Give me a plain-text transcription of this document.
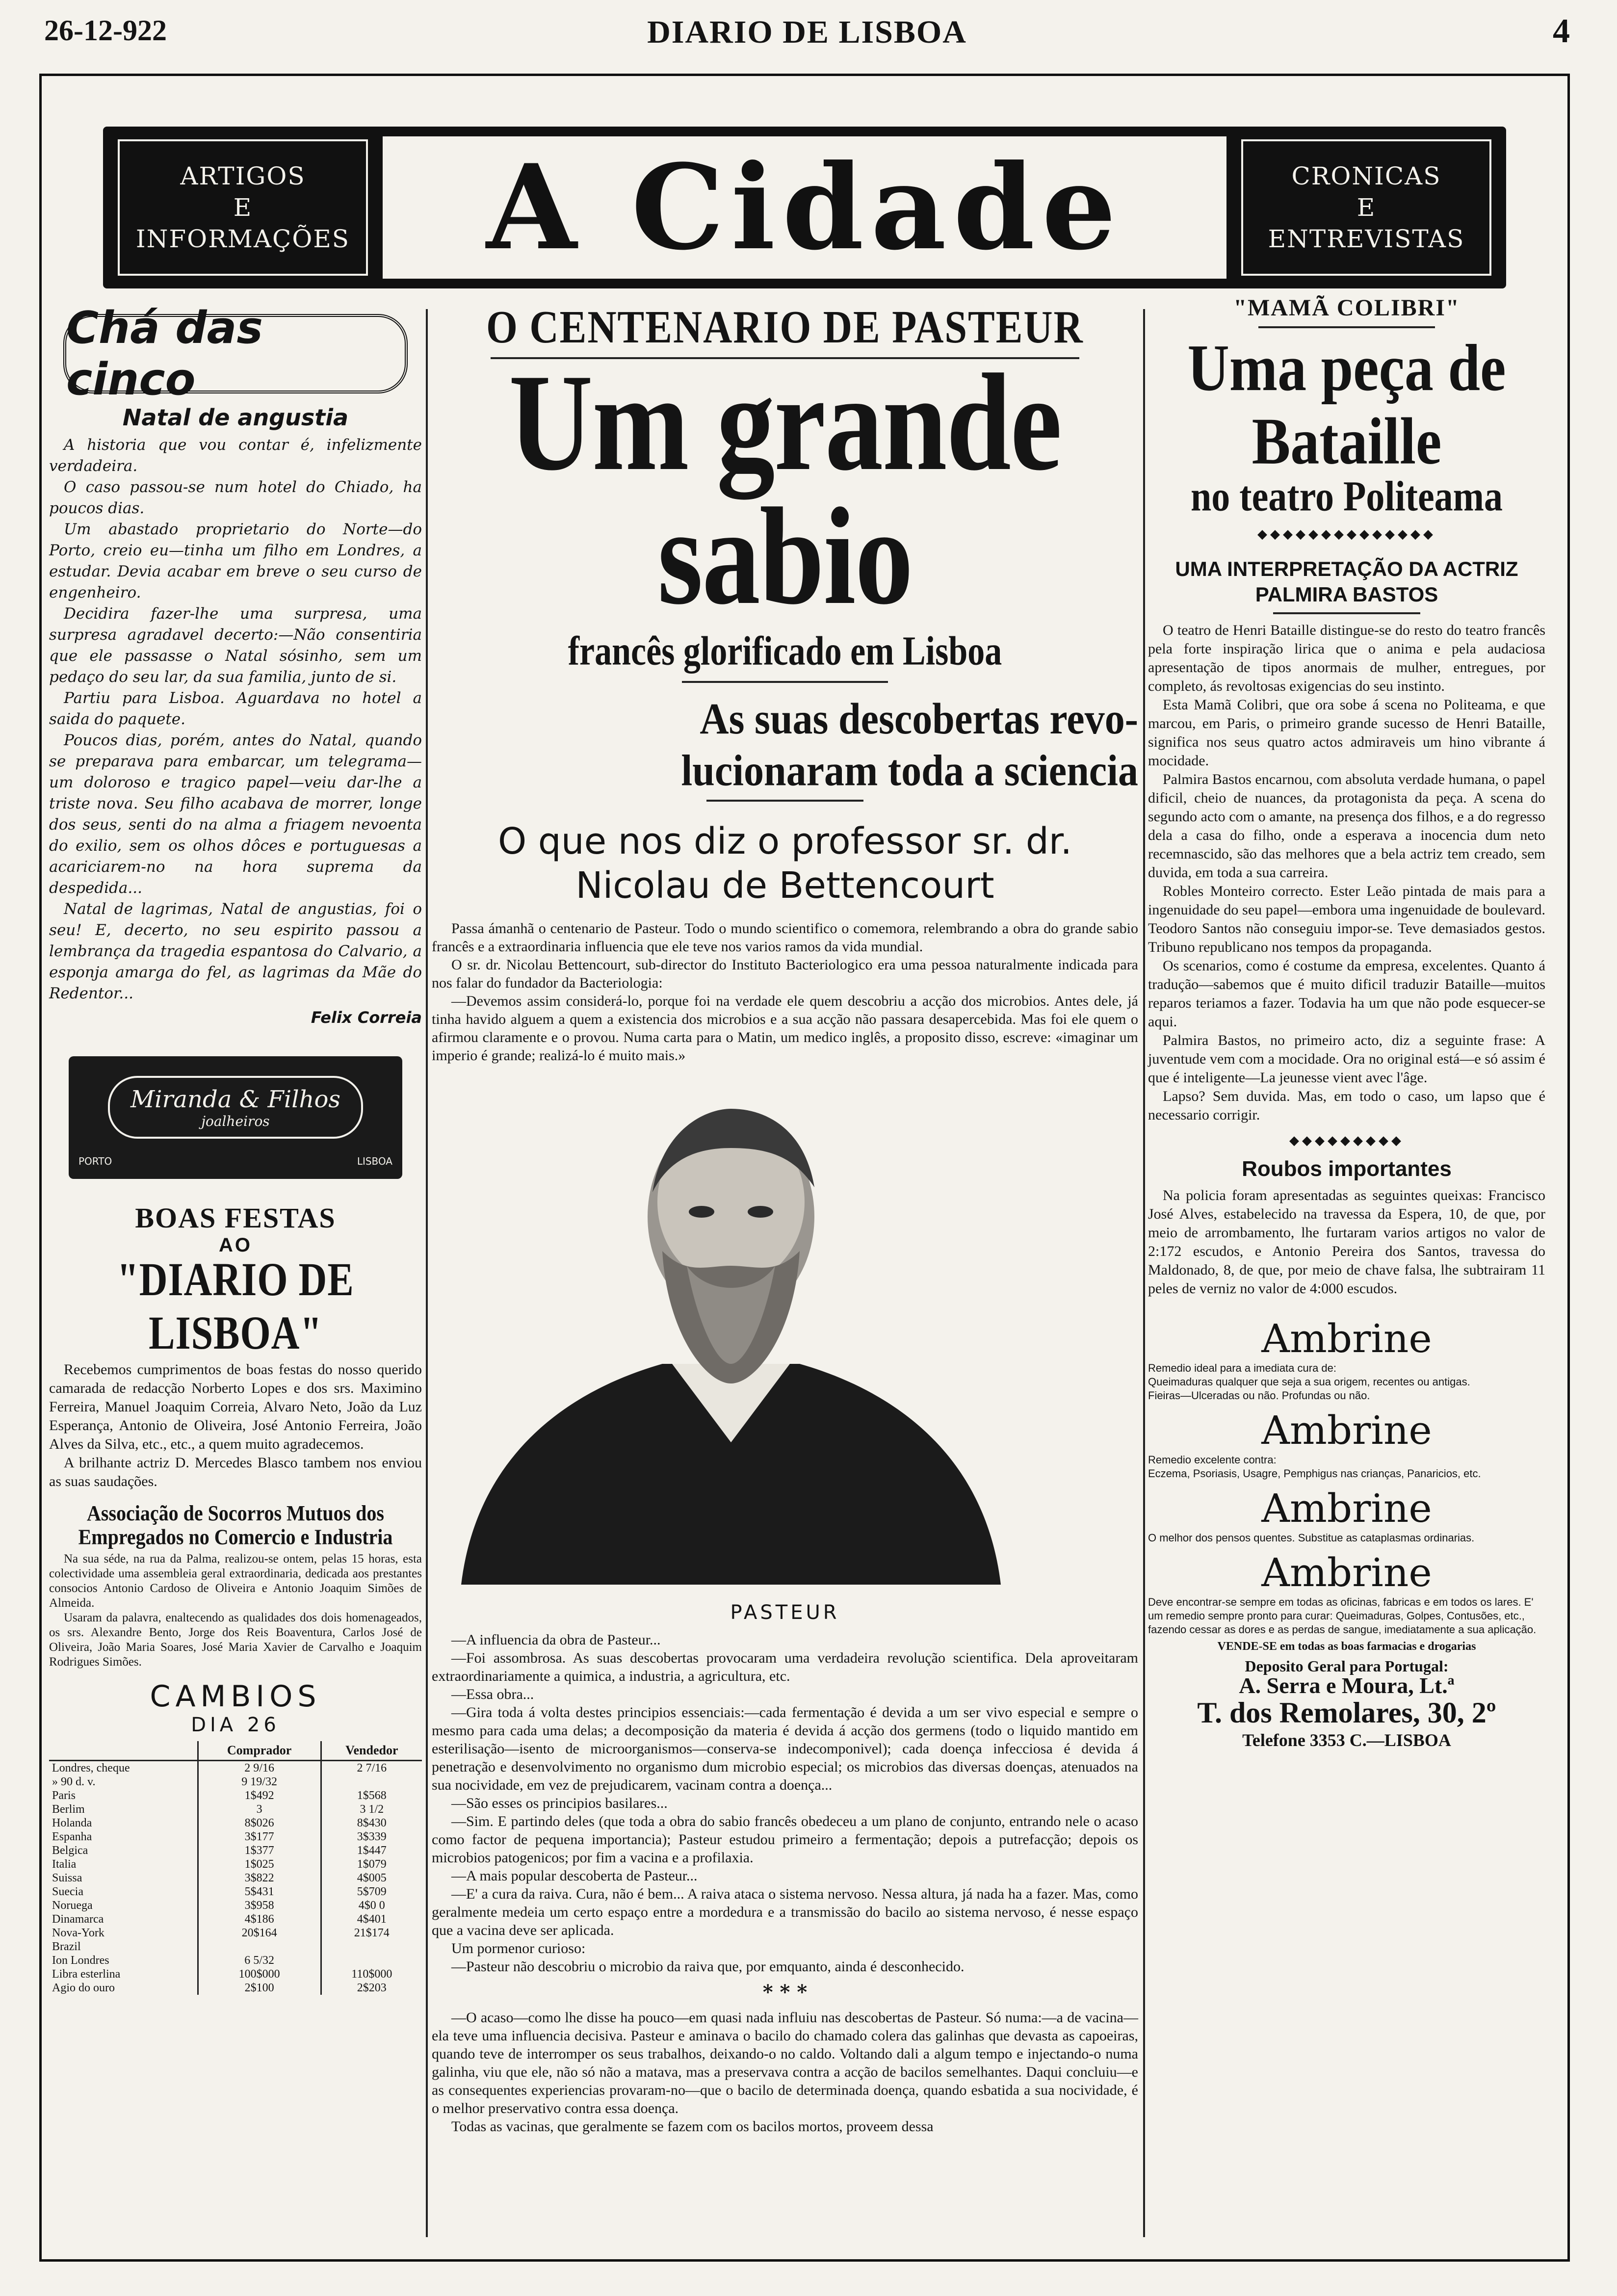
26-12-922	DIARIO DE LISBOA	4
ARTIGOS
E
INFORMAÇÕES A Cidade	CRONICAS
E
ENTREVISTAS
Chá das cinco
Natal de angustia

A historia que vou contar é, infelizmente verdadeira.

O caso passou-se num hotel do Chiado, ha poucos dias.

Um abastado proprietario do Norte—do Porto, creio eu—tinha um filho em Londres, a estudar. Devia acabar em breve o seu curso de engenheiro.

Decidira fazer-lhe uma surpresa, uma surpresa agradavel decerto:—Não consentiria que ele passasse o Natal sósinho, sem um pedaço do seu lar, da sua familia, junto de si.

Partiu para Lisboa. Aguardava no hotel a saida do paquete.

Poucos dias, porém, antes do Natal, quando se preparava para embarcar, um telegrama—um doloroso e tragico papel—veiu dar-lhe a triste nova. Seu filho acabava de morrer, longe dos seus, senti do na alma a friagem nevoenta do exilio, sem os olhos dôces e portuguesas a acariciarem-no na hora suprema da despedida...

Natal de lagrimas, Natal de angustias, foi o seu! E, decerto, no seu espirito passou a lembrança da tragedia espantosa do Calvario, a esponja amarga do fel, as lagrimas da Mãe do Redentor...

Felix Correia
Miranda & Filhos
joalheiros
PORTO	LISBOA
BOAS FESTAS
AO
"DIARIO DE LISBOA"

Recebemos cumprimentos de boas festas do nosso querido camarada de redacção Norberto Lopes e dos srs. Maximino Ferreira, Manuel Joaquim Correia, Alvaro Neto, João da Luz Esperança, Antonio de Oliveira, José Antonio Ferreira, João Alves da Silva, etc., etc., a quem muito agradecemos.

A brilhante actriz D. Mercedes Blasco tambem nos enviou as suas saudações.

Associação de Socorros Mutuos dos Empregados no Comercio e Industria

Na sua séde, na rua da Palma, realizou-se ontem, pelas 15 horas, esta colectividade uma assembleia geral extraordinaria, dedicada aos prestantes consocios Antonio Cardoso de Oliveira e Antonio Joaquim Simões de Almeida.

Usaram da palavra, enaltecendo as qualidades dos dois homenageados, os srs. Alexandre Bento, Jorge dos Reis Boaventura, Carlos José de Oliveira, João Maria Soares, José Maria Xavier de Carvalho e Joaquim Rodrigues Simões.

CAMBIOS
DIA 26
	Comprador	Vendedor
Londres, cheque	2 9/16	2 7/16
» 90 d. v.	9 19/32	
Paris	1$492	1$568
Berlim	3	3 1/2
Holanda	8$026	8$430
Espanha	3$177	3$339
Belgica	1$377	1$447
Italia	1$025	1$079
Suissa	3$822	4$005
Suecia	5$431	5$709
Noruega	3$958	4$0 0
Dinamarca	4$186	4$401
Nova-York	20$164	21$174
Brazil		
Ion Londres	6 5/32	
Libra esterlina	100$000	110$000
Agio do ouro	2$100	2$203
O CENTENARIO DE PASTEUR
Um grande sabio
francês glorificado em Lisboa
As suas descobertas revo-
lucionaram toda a sciencia
O que nos diz o professor sr. dr. Nicolau de Bettencourt

Passa ámanhã o centenario de Pasteur. Todo o mundo scientifico o comemora, relembrando a obra do grande sabio francês e a extraordinaria influencia que ele teve nos varios ramos da vida mundial.

O sr. dr. Nicolau Bettencourt, sub-director do Instituto Bacteriologico era uma pessoa naturalmente indicada para nos falar do fundador da Bacteriologia:

—Devemos assim considerá-lo, porque foi na verdade ele quem descobriu a acção dos microbios. Antes dele, já tinha havido alguem a quem a existencia dos microbios e a sua acção não passara desapercebida. Mas foi ele quem o afirmou claramente e o provou. Numa carta para o Matin, um medico inglês, a proposito disso, escreve: «imaginar um imperio é grande; realizá-lo é muito mais.»

PASTEUR

—A influencia da obra de Pasteur...

—Foi assombrosa. As suas descobertas provocaram uma verdadeira revolução scientifica. Dela aproveitaram extraordinariamente a quimica, a industria, a agricultura, etc.

—Essa obra...

—Gira toda á volta destes principios essenciais:—cada fermentação é devida a um ser vivo especial e sempre o mesmo para cada uma delas; a decomposição da materia é devida á acção dos germens (todo o liquido mantido em esterilisação—isento de microorganismos—conserva-se indecomponivel); cada doença infecciosa é devida á penetração e desenvolvimento no organismo dum microbio especial; os microbios das diversas doenças, atenuados na sua nocividade, em vez de prejudicarem, vacinam contra a doença...

—São esses os principios basilares...

—Sim. E partindo deles (que toda a obra do sabio francês obedeceu a um plano de conjunto, entrando nele o acaso como factor de pequena importancia); Pasteur estudou primeiro a fermentação; depois a putrefacção; depois os microbios patogenicos; por fim a vacina e a profilaxia.

—A mais popular descoberta de Pasteur...

—E' a cura da raiva. Cura, não é bem... A raiva ataca o sistema nervoso. Nessa altura, já nada ha a fazer. Mas, como geralmente medeia um certo espaço entre a mordedura e a transmissão do bacilo ao sistema nervoso, é nesse espaço que a vacina deve ser aplicada.

Um pormenor curioso:

—Pasteur não descobriu o microbio da raiva que, por emquanto, ainda é desconhecido.

* * *

—O acaso—como lhe disse ha pouco—em quasi nada influiu nas descobertas de Pasteur. Só numa:—a de vacina—ela teve uma influencia decisiva. Pasteur e aminava o bacilo do chamado colera das galinhas que devasta as capoeiras, quando teve de interromper os seus trabalhos, deixando-o no caldo. Voltando dali a algum tempo e injectando-o numa galinha, viu que ele, não só não a matava, mas a preservava contra a acção de bacilos semelhantes. Daqui concluiu—e as consequentes experiencias provaram-no—que o bacilo de determinada doença, quando esbatida a sua nocividade, é o melhor preservativo contra essa doença.

Todas as vacinas, que geralmente se fazem com os bacilos mortos, proveem dessa

"MAMÃ COLIBRI"
Uma peça de Bataille
no teatro Politeama
◆◆◆◆◆◆◆◆◆◆◆◆◆◆
UMA INTERPRETAÇÃO DA ACTRIZ PALMIRA BASTOS

O teatro de Henri Bataille distingue-se do resto do teatro francês pela forte inspiração lirica que o anima e pela audaciosa apresentação de tipos anormais de mulher, entregues, por completo, ás revoltosas exigencias do seu instinto.

Esta Mamã Colibri, que ora sobe á scena no Politeama, e que marcou, em Paris, o primeiro grande sucesso de Henri Bataille, significa nos seus quatro actos admiraveis um hino vibrante á mocidade.

Palmira Bastos encarnou, com absoluta verdade humana, o papel dificil, cheio de nuances, da protagonista da peça. A scena do segundo acto com o amante, na presença dos filhos, e a do regresso dela a casa do filho, onde a esperava a inocencia dum neto recemnascido, são das melhores que a bela actriz tem creado, sem duvida, em toda a sua carreira.

Robles Monteiro correcto. Ester Leão pintada de mais para a ingenuidade do seu papel—embora uma ingenuidade de boulevard. Teodoro Santos não conseguiu impor-se. Teve demasiados gestos. Tribuno republicano nos tempos da propaganda.

Os scenarios, como é costume da empresa, excelentes. Quanto á tradução—sabemos que é muito dificil traduzir Bataille—muitos reparos teriamos a fazer. Todavia ha um que não pode esquecer-se aqui.

Palmira Bastos, no primeiro acto, diz a seguinte frase: A juventude vem com a mocidade. Ora no original está—e só assim é que é inteligente—La jeunesse vient avec l'âge.

Lapso? Sem duvida. Mas, em todo o caso, um lapso que é necessario corrigir.

◆◆◆◆◆◆◆◆◆
Roubos importantes

Na policia foram apresentadas as seguintes queixas: Francisco José Alves, estabelecido na travessa da Espera, 10, de que, por meio de arrombamento, lhe furtaram varios artigos no valor de 2:172 escudos, e Antonio Pereira dos Santos, travessa do Maldonado, 8, de que, por meio de chave falsa, lhe subtrairam 11 peles de verniz no valor de 4:000 escudos.

Ambrine
Remedio ideal para a imediata cura de:
Queimaduras qualquer que seja a sua origem, recentes ou antigas.
Fieiras—Ulceradas ou não. Profundas ou não.
Ambrine
Remedio excelente contra:
Eczema, Psoriasis, Usagre, Pemphigus nas crianças, Panaricios, etc.
Ambrine
O melhor dos pensos quentes. Substitue as cataplasmas ordinarias.
Ambrine
Deve encontrar-se sempre em todas as oficinas, fabricas e em todos os lares. E' um remedio sempre pronto para curar: Queimaduras, Golpes, Contusões, etc., fazendo cessar as dores e as perdas de sangue, imediatamente a sua aplicação.
VENDE-SE em todas as boas farmacias e drogarias
Deposito Geral para Portugal:
A. Serra e Moura, Lt.ª
T. dos Remolares, 30, 2º
Telefone 3353 C.—LISBOA
